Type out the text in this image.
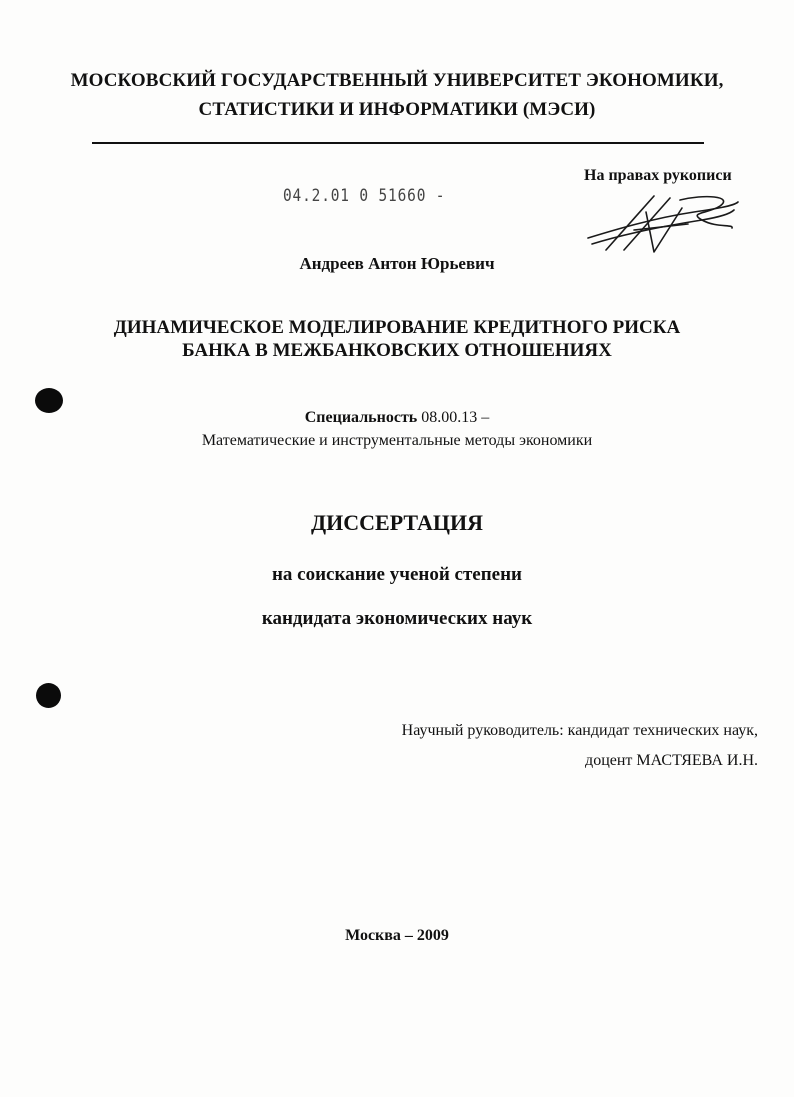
МОСКОВСКИЙ ГОСУДАРСТВЕННЫЙ УНИВЕРСИТЕТ ЭКОНОМИКИ,
СТАТИСТИКИ И ИНФОРМАТИКИ (МЭСИ)
04.2.01 0 51660 -
На правах рукописи
Андреев Антон Юрьевич
ДИНАМИЧЕСКОЕ МОДЕЛИРОВАНИЕ КРЕДИТНОГО РИСКА
БАНКА В МЕЖБАНКОВСКИХ ОТНОШЕНИЯХ
Специальность 08.00.13 –
Математические и инструментальные методы экономики
ДИССЕРТАЦИЯ
на соискание ученой степени
кандидата экономических наук
Научный руководитель: кандидат технических наук,
доцент МАСТЯЕВА И.Н.
Москва – 2009
